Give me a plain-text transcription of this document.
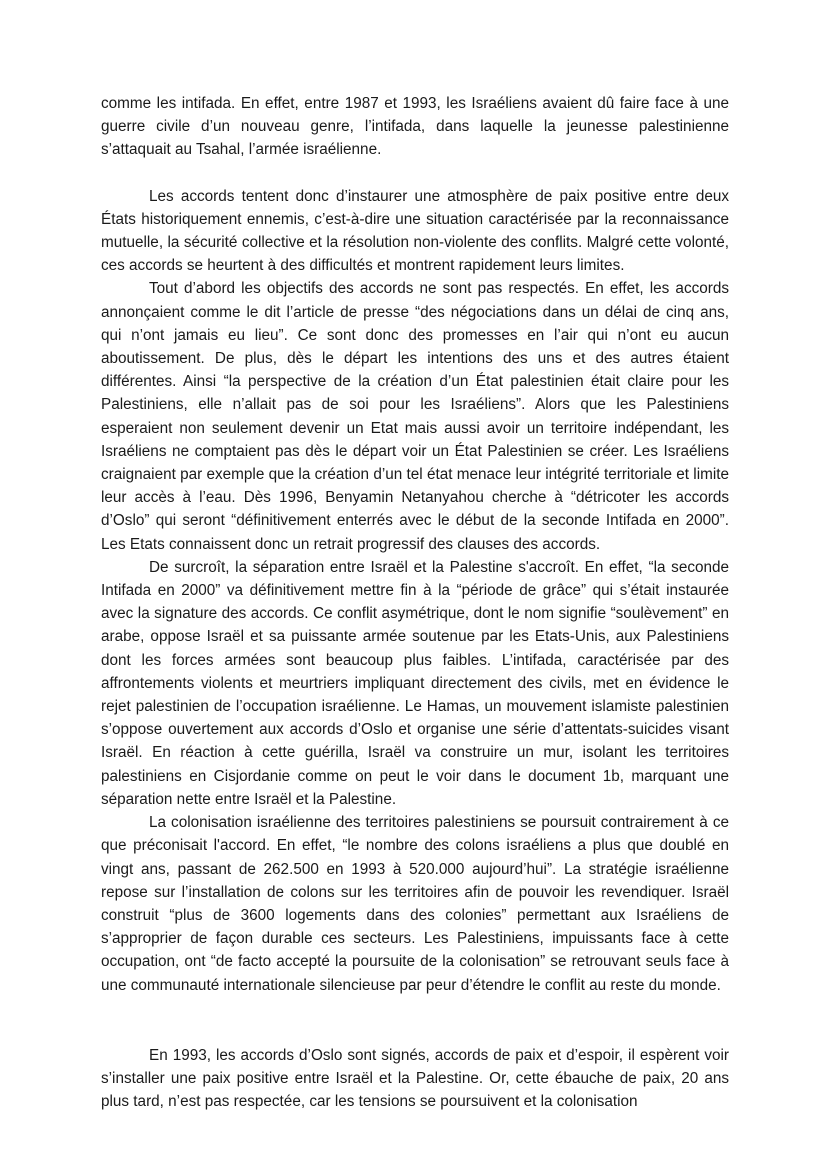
comme les intifada. En effet, entre 1987 et 1993, les Israéliens avaient dû faire face à une guerre civile d’un nouveau genre, l’intifada, dans laquelle la jeunesse palestinienne s’attaquait au Tsahal, l’armée israélienne.

Les accords tentent donc d’instaurer une atmosphère de paix positive entre deux États historiquement ennemis, c’est-à-dire une situation caractérisée par la reconnaissance mutuelle, la sécurité collective et la résolution non-violente des conflits. Malgré cette volonté, ces accords se heurtent à des difficultés et montrent rapidement leurs limites.

Tout d’abord les objectifs des accords ne sont pas respectés. En effet, les accords annonçaient comme le dit l’article de presse “des négociations dans un délai de cinq ans, qui n’ont jamais eu lieu”. Ce sont donc des promesses en l’air qui n’ont eu aucun aboutissement. De plus, dès le départ les intentions des uns et des autres étaient différentes. Ainsi “la perspective de la création d’un État palestinien était claire pour les Palestiniens, elle n’allait pas de soi pour les Israéliens”. Alors que les Palestiniens esperaient non seulement devenir un Etat mais aussi avoir un territoire indépendant, les Israéliens ne comptaient pas dès le départ voir un État Palestinien se créer. Les Israéliens craignaient par exemple que la création d’un tel état menace leur intégrité territoriale et limite leur accès à l’eau. Dès 1996, Benyamin Netanyahou cherche à “détricoter les accords d’Oslo” qui seront “définitivement enterrés avec le début de la seconde Intifada en 2000”. Les Etats connaissent donc un retrait progressif des clauses des accords.

De surcroît, la séparation entre Israël et la Palestine s'accroît. En effet, “la seconde Intifada en 2000” va définitivement mettre fin à la “période de grâce” qui s’était instaurée avec la signature des accords. Ce conflit asymétrique, dont le nom signifie “soulèvement” en arabe, oppose Israël et sa puissante armée soutenue par les Etats-Unis, aux Palestiniens dont les forces armées sont beaucoup plus faibles. L’intifada, caractérisée par des affrontements violents et meurtriers impliquant directement des civils, met en évidence le rejet palestinien de l’occupation israélienne. Le Hamas, un mouvement islamiste palestinien s’oppose ouvertement aux accords d’Oslo et organise une série d’attentats-suicides visant Israël. En réaction à cette guérilla, Israël va construire un mur, isolant les territoires palestiniens en Cisjordanie comme on peut le voir dans le document 1b, marquant une séparation nette entre Israël et la Palestine.

La colonisation israélienne des territoires palestiniens se poursuit contrairement à ce que préconisait l'accord. En effet, “le nombre des colons israéliens a plus que doublé en vingt ans, passant de 262.500 en 1993 à 520.000 aujourd’hui”. La stratégie israélienne repose sur l’installation de colons sur les territoires afin de pouvoir les revendiquer. Israël construit “plus de 3600 logements dans des colonies” permettant aux Israéliens de s’approprier de façon durable ces secteurs. Les Palestiniens, impuissants face à cette occupation, ont “de facto accepté la poursuite de la colonisation” se retrouvant seuls face à une communauté internationale silencieuse par peur d’étendre le conflit au reste du monde.

En 1993, les accords d’Oslo sont signés, accords de paix et d’espoir, il espèrent voir s’installer une paix positive entre Israël et la Palestine. Or, cette ébauche de paix, 20 ans plus tard, n’est pas respectée, car les tensions se poursuivent et la colonisation
